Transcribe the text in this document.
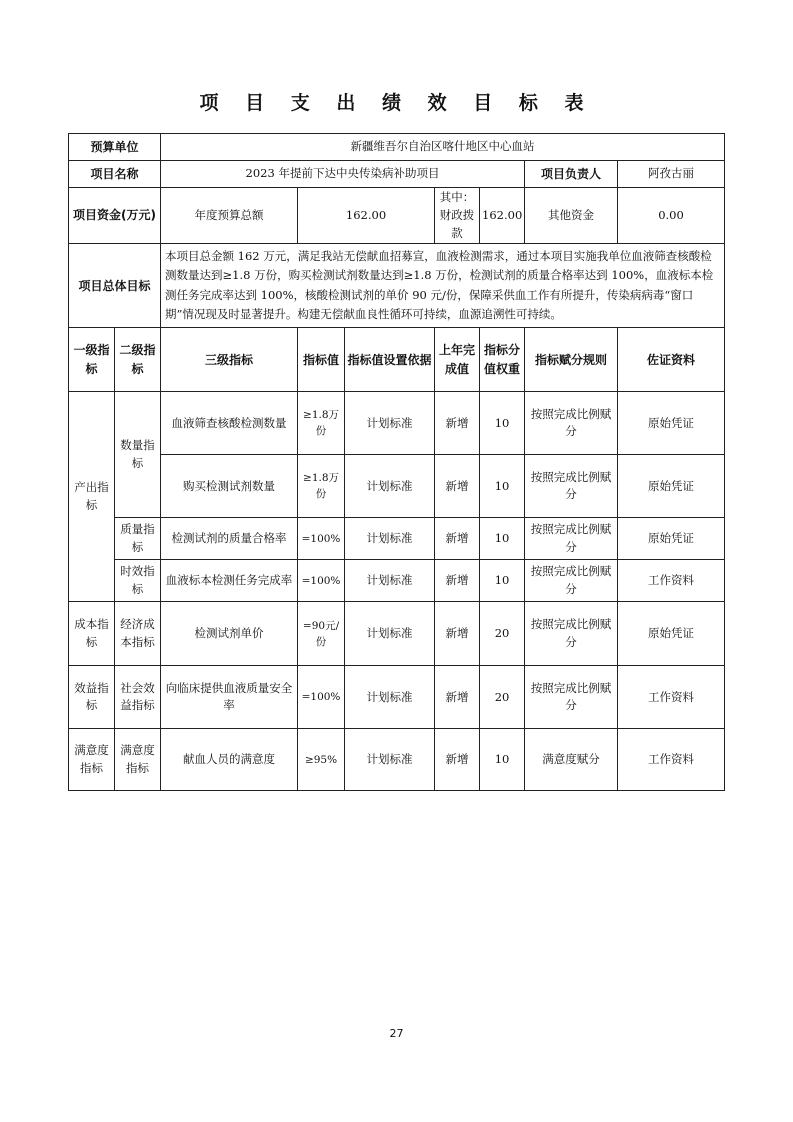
项 目 支 出 绩 效 目 标 表
预算单位		新疆维吾尔自治区喀什地区中心血站						
项目名称		2023 年提前下达中央传染病补助项目					项目负责人	阿孜古丽
项目资金(万元)		年度预算总额	162.00		其中：财政拨款	162.00	其他资金	0.00
项目总体目标		本项目总金额 162 万元，满足我站无偿献血招募宣，血液检测需求，通过本项目实施我单位血液筛查核酸检测数量达到≥1.8 万份，购买检测试剂数量达到≥1.8 万份，检测试剂的质量合格率达到 100%，血液标本检测任务完成率达到 100%，核酸检测试剂的单价 90 元/份，保障采供血工作有所提升，传染病病毒“窗口期”情况现及时显著提升。构建无偿献血良性循环可持续，血源追溯性可持续。						
一级指标	二级指标	三级指标	指标值	指标值设置依据	上年完成值	指标分值权重	指标赋分规则	佐证资料
产出指标	数量指标	血液筛查核酸检测数量	≥1.8万份	计划标准	新增	10	按照完成比例赋分	原始凭证
		购买检测试剂数量	≥1.8万份	计划标准	新增	10	按照完成比例赋分	原始凭证
	质量指标	检测试剂的质量合格率	=100%	计划标准	新增	10	按照完成比例赋分	原始凭证
	时效指标	血液标本检测任务完成率	=100%	计划标准	新增	10	按照完成比例赋分	工作资料
成本指标	经济成本指标	检测试剂单价	=90元/份	计划标准	新增	20	按照完成比例赋分	原始凭证
效益指标	社会效益指标	向临床提供血液质量安全率	=100%	计划标准	新增	20	按照完成比例赋分	工作资料
满意度指标	满意度指标	献血人员的满意度	≥95%	计划标准	新增	10	满意度赋分	工作资料
27
